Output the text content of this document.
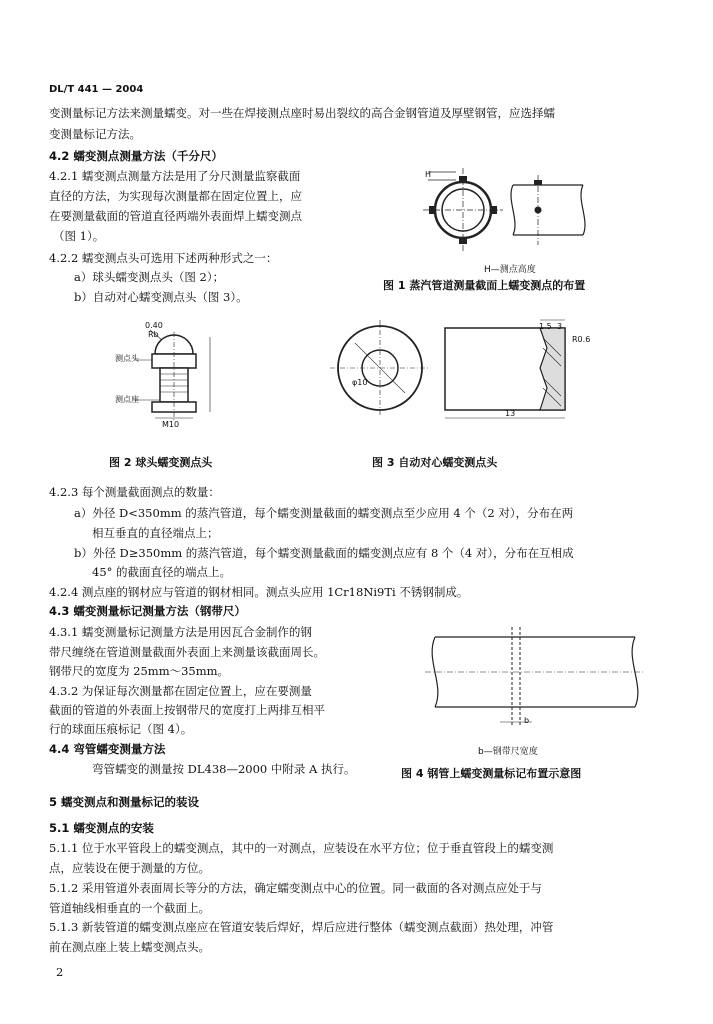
DL/T 441 — 2004
变测量标记方法来测量蠕变。对一些在焊接测点座时易出裂纹的高合金钢管道及厚壁钢管，应选择蠕
变测量标记方法。
4.2 蠕变测点测量方法（千分尺）
4.2.1 蠕变测点测量方法是用了分尺测量监察截面
直径的方法，为实现每次测量都在固定位置上，应
在要测量截面的管道直径两端外表面焊上蠕变测点
（图 1）。
4.2.2 蠕变测点头可选用下述两种形式之一：
a）球头蠕变测点头（图 2）；
b）自动对心蠕变测点头（图 3）。
H
H—测点高度
图 1 蒸汽管道测量截面上蠕变测点的布置
0.40
Rb
测点头
测点座
M10
图 2 球头蠕变测点头
1.5 3
R0.6
13
φ10
图 3 自动对心蠕变测点头
4.2.3 每个测量截面测点的数量：
a）外径 D<350mm 的蒸汽管道，每个蠕变测量截面的蠕变测点至少应用 4 个（2 对），分布在两
相互垂直的直径端点上；
b）外径 D≥350mm 的蒸汽管道，每个蠕变测量截面的蠕变测点应有 8 个（4 对），分布在互相成
45° 的截面直径的端点上。
4.2.4 测点座的钢材应与管道的钢材相同。测点头应用 1Cr18Ni9Ti 不锈钢制成。
4.3 蠕变测量标记测量方法（钢带尺）
4.3.1 蠕变测量标记测量方法是用因瓦合金制作的钢
带尺缠绕在管道测量截面外表面上来测量该截面周长。
钢带尺的宽度为 25mm～35mm。
4.3.2 为保证每次测量都在固定位置上，应在要测量
截面的管道的外表面上按钢带尺的宽度打上两排互相平
行的球面压痕标记（图 4）。
4.4 弯管蠕变测量方法
弯管蠕变的测量按 DL438—2000 中附录 A 执行。
b
b—钢带尺宽度
图 4 钢管上蠕变测量标记布置示意图
5 蠕变测点和测量标记的装设
5.1 蠕变测点的安装
5.1.1 位于水平管段上的蠕变测点，其中的一对测点，应装设在水平方位；位于垂直管段上的蠕变测
点，应装设在便于测量的方位。
5.1.2 采用管道外表面周长等分的方法，确定蠕变测点中心的位置。同一截面的各对测点应处于与
管道轴线相垂直的一个截面上。
5.1.3 新装管道的蠕变测点座应在管道安装后焊好，焊后应进行整体（蠕变测点截面）热处理，冲管
前在测点座上装上蠕变测点头。
2
